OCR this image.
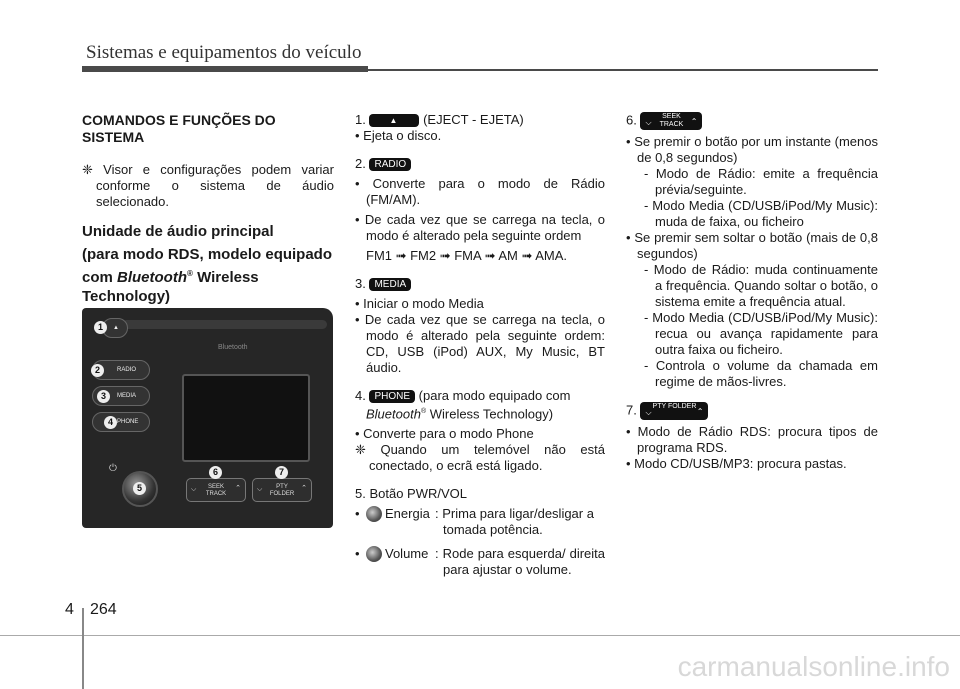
Sistemas e equipamentos do veículo
COMANDOS E FUNÇÕES DO SISTEMA
❈ Visor e configurações podem variar conforme o sistema de áudio selecionado.
Unidade de áudio principal
(para modo RDS, modelo equipado com Bluetooth® Wireless Technology)
Bluetooth
▲
RADIO
MEDIA
PHONE
1
2
3
4
⏻
5	⌵ SEEK
TRACK
⌃ ⌵ PTY
FOLDER
⌃
6	7
1. ▲	(EJECT - EJETA)
• Ejeta o disco.
2. RADIO
• Converte para o modo de Rádio (FM/AM).
• De cada vez que se carrega na tecla, o modo é alterado pela seguinte ordem
FM1 ➟ FM2 ➟ FMA ➟ AM ➟ AMA.
3. MEDIA
• Iniciar o modo Media
• De cada vez que se carrega na tecla, o modo é alterado pela seguinte ordem: CD, USB (iPod) AUX, My Music, BT áudio.
4. PHONE (para modo equipado com
Bluetooth® Wireless Technology)
• Converte para o modo Phone
❈ Quando um telemóvel não está conectado, o ecrã está ligado.
5. Botão PWR/VOL
•	Energia : Prima para ligar/desligar a tomada potência.
•	Volume : Rode para esquerda/ direita para ajustar o volume.
6. ⌵
SEEK TRACK ⌃
• Se premir o botão por um instante (menos de 0,8 segundos)
- Modo de Rádio: emite a frequência prévia/seguinte.
- Modo Media (CD/USB/iPod/My Music): muda de faixa, ou ficheiro
• Se premir sem soltar o botão (mais de 0,8 segundos)
- Modo de Rádio: muda continuamente a frequência. Quando soltar o botão, o sistema emite a frequência atual.
- Modo Media (CD/USB/iPod/My Music): recua ou avança rapidamente para outra faixa ou ficheiro.
- Controla o volume da chamada em regime de mãos-livres.
7. ⌵
PTY FOLDER
⌃
• Modo de Rádio RDS: procura tipos de programa RDS.
• Modo CD/USB/MP3: procura pastas.
4 264
carmanualsonline.info
